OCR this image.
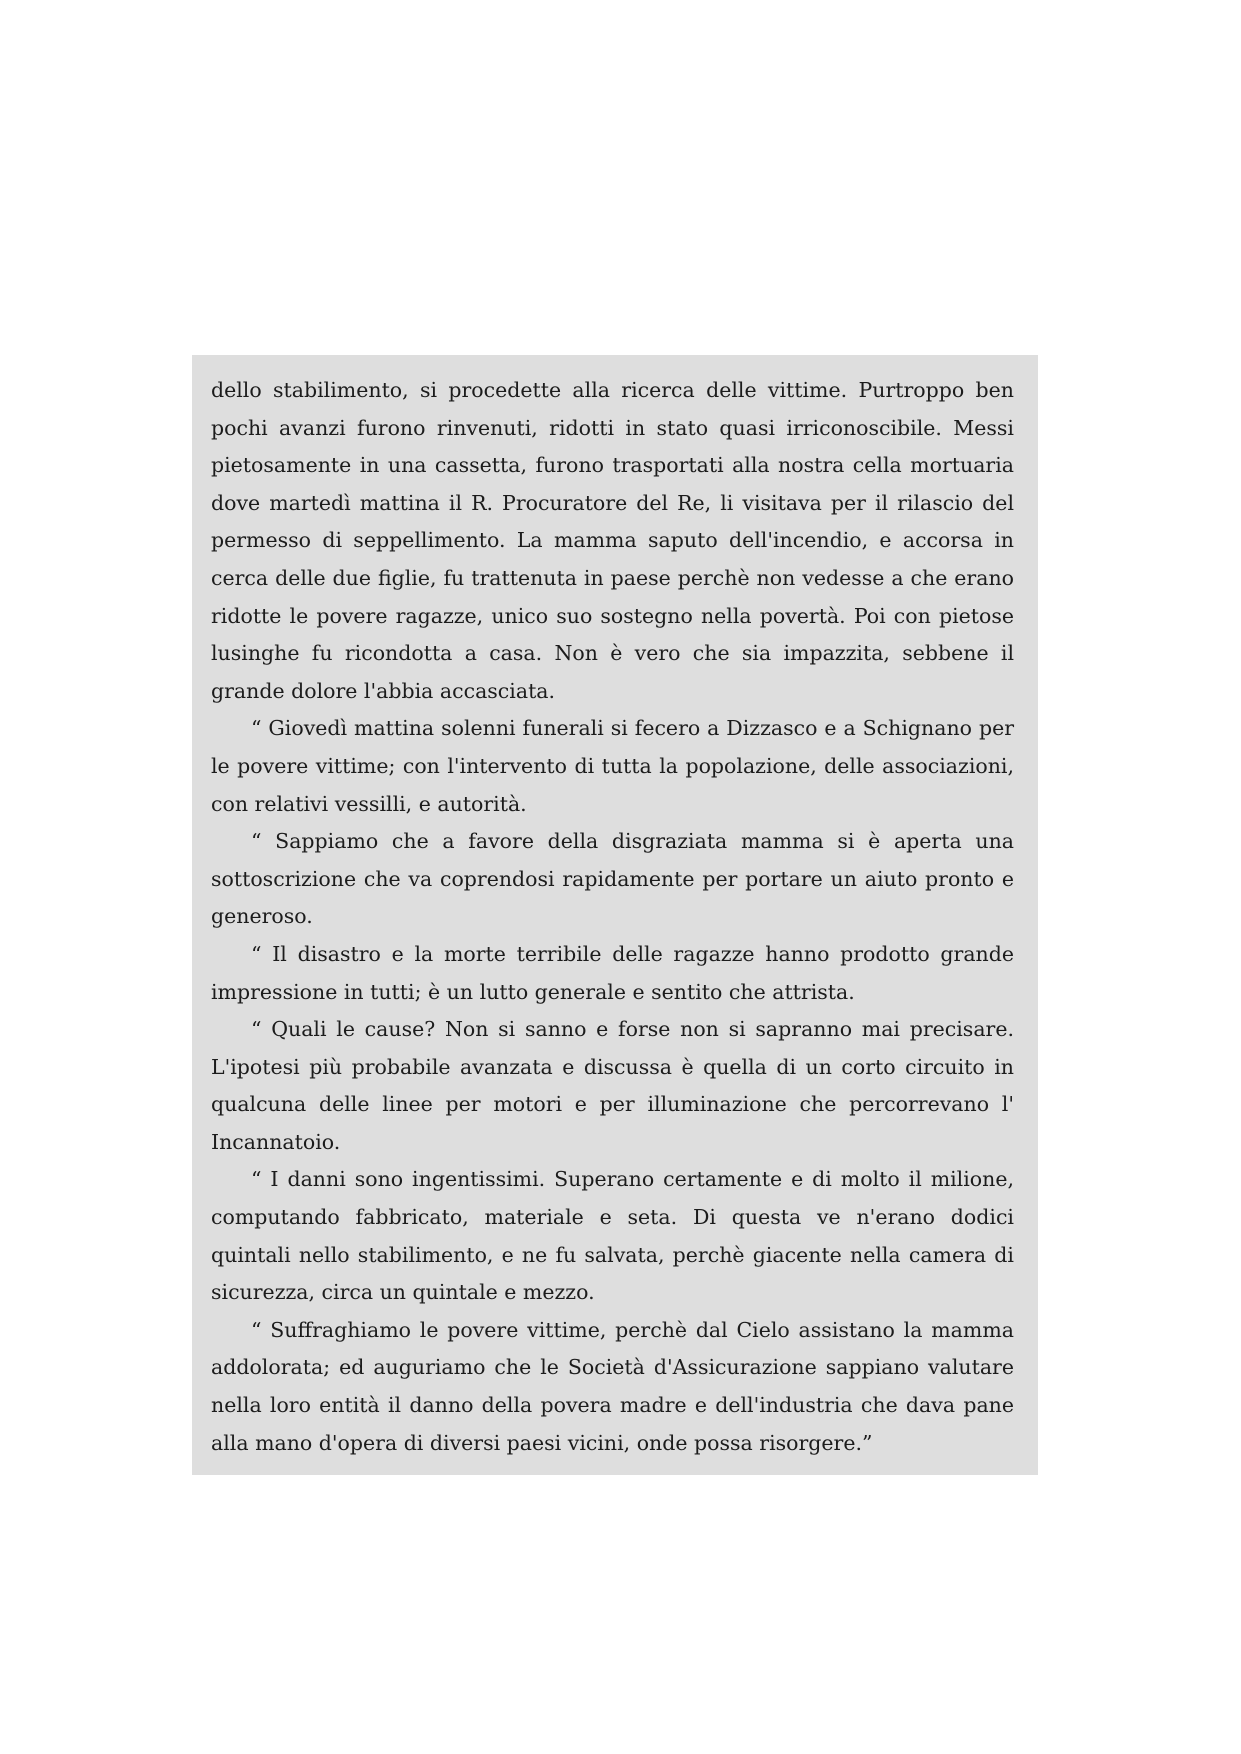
dello stabilimento, si procedette alla ricerca delle vittime. Purtroppo ben pochi avanzi furono rinvenuti, ridotti in stato quasi irriconoscibile. Messi pietosamente in una cassetta, furono trasportati alla nostra cella mortuaria dove martedì mattina il R. Procuratore del Re, li visitava per il rilascio del permesso di seppellimento. La mamma saputo dell'incendio, e accorsa in cerca delle due figlie, fu trattenuta in paese perchè non vedesse a che erano ridotte le povere ragazze, unico suo sostegno nella povertà. Poi con pietose lusinghe fu ricondotta a casa. Non è vero che sia impazzita, sebbene il grande dolore l'abbia accasciata.

“ Giovedì mattina solenni funerali si fecero a Dizzasco e a Schignano per le povere vittime; con l'intervento di tutta la popolazione, delle associazioni, con relativi vessilli, e autorità.

“ Sappiamo che a favore della disgraziata mamma si è aperta una sottoscrizione che va coprendosi rapidamente per portare un aiuto pronto e generoso.

“ Il disastro e la morte terribile delle ragazze hanno prodotto grande impressione in tutti; è un lutto generale e sentito che attrista.

“ Quali le cause? Non si sanno e forse non si sapranno mai precisare. L'ipotesi più probabile avanzata e discussa è quella di un corto circuito in qualcuna delle linee per motori e per illuminazione che percorrevano l' Incannatoio.

“ I danni sono ingentissimi. Superano certamente e di molto il milione, computando fabbricato, materiale e seta. Di questa ve n'erano dodici quintali nello stabilimento, e ne fu salvata, perchè giacente nella camera di sicurezza, circa un quintale e mezzo.

“ Suffraghiamo le povere vittime, perchè dal Cielo assistano la mamma addolorata; ed auguriamo che le Società d'Assicurazione sappiano valutare nella loro entità il danno della povera madre e dell'industria che dava pane alla mano d'opera di diversi paesi vicini, onde possa risorgere.”
